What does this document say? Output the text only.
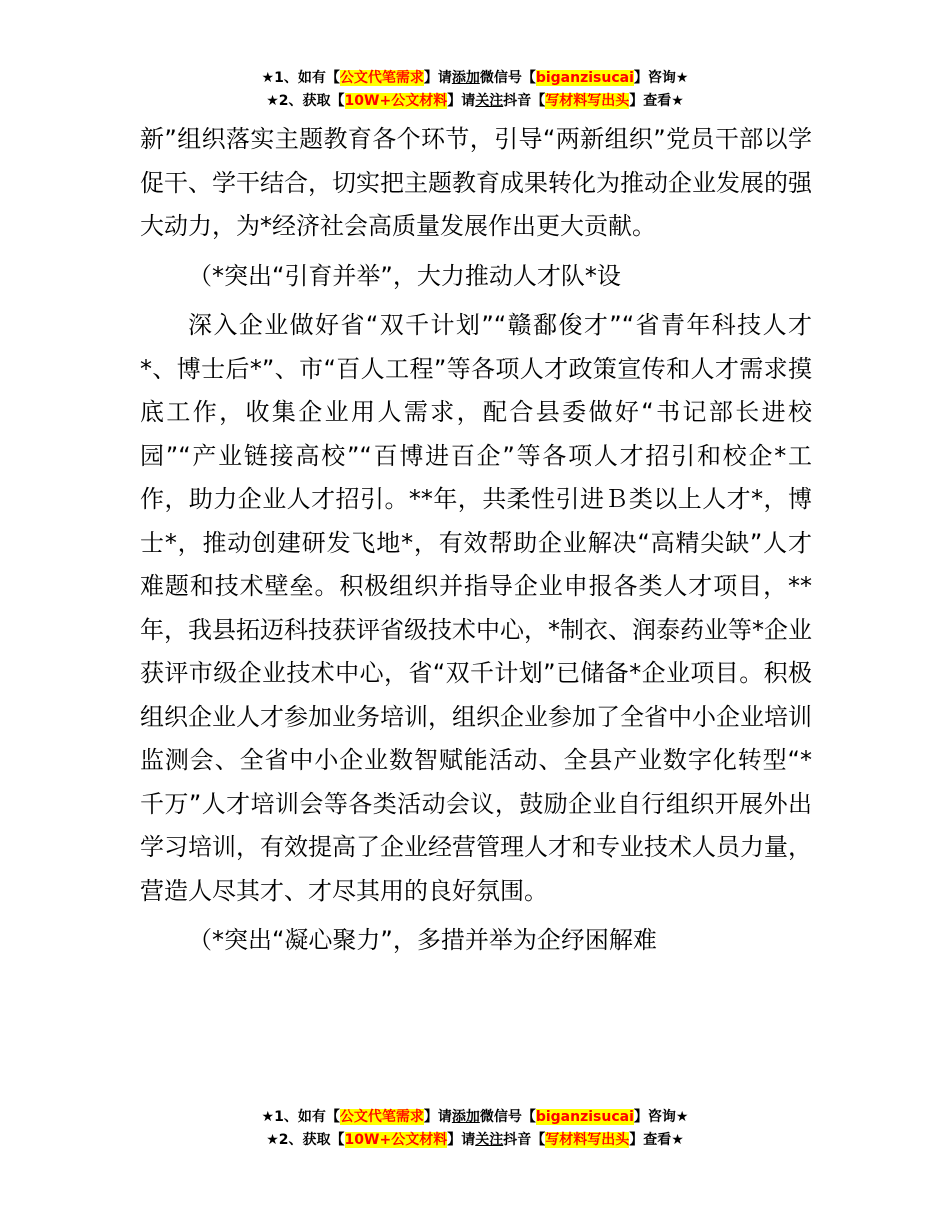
★1、如有【公文代笔需求】请添加微信号【biganzisucai】咨询★
★2、获取【10W+公文材料】请关注抖音【写材料写出头】查看★

新”组织落实主题教育各个环节，引导“两新组织”党员干部以学促干、学干结合，切实把主题教育成果转化为推动企业发展的强大动力，为*经济社会高质量发展作出更大贡献。

（*突出“引育并举”，大力推动人才队*设

深入企业做好省“双千计划”“赣鄱俊才”“省青年科技人才*、博士后*”、市“百人工程”等各项人才政策宣传和人才需求摸底工作，收集企业用人需求，配合县委做好“书记部长进校园”“产业链接高校”“百博进百企”等各项人才招引和校企*工作，助力企业人才招引。**年，共柔性引进Ｂ类以上人才*，博士*，推动创建研发飞地*，有效帮助企业解决“高精尖缺”人才难题和技术壁垒。积极组织并指导企业申报各类人才项目，**年，我县拓迈科技获评省级技术中心，*制衣、润泰药业等*企业获评市级企业技术中心，省“双千计划”已储备*企业项目。积极组织企业人才参加业务培训，组织企业参加了全省中小企业培训监测会、全省中小企业数智赋能活动、全县产业数字化转型“*千万”人才培训会等各类活动会议，鼓励企业自行组织开展外出学习培训，有效提高了企业经营管理人才和专业技术人员力量，营造人尽其才、才尽其用的良好氛围。

（*突出“凝心聚力”，多措并举为企纾困解难

★1、如有【公文代笔需求】请添加微信号【biganzisucai】咨询★
★2、获取【10W+公文材料】请关注抖音【写材料写出头】查看★
